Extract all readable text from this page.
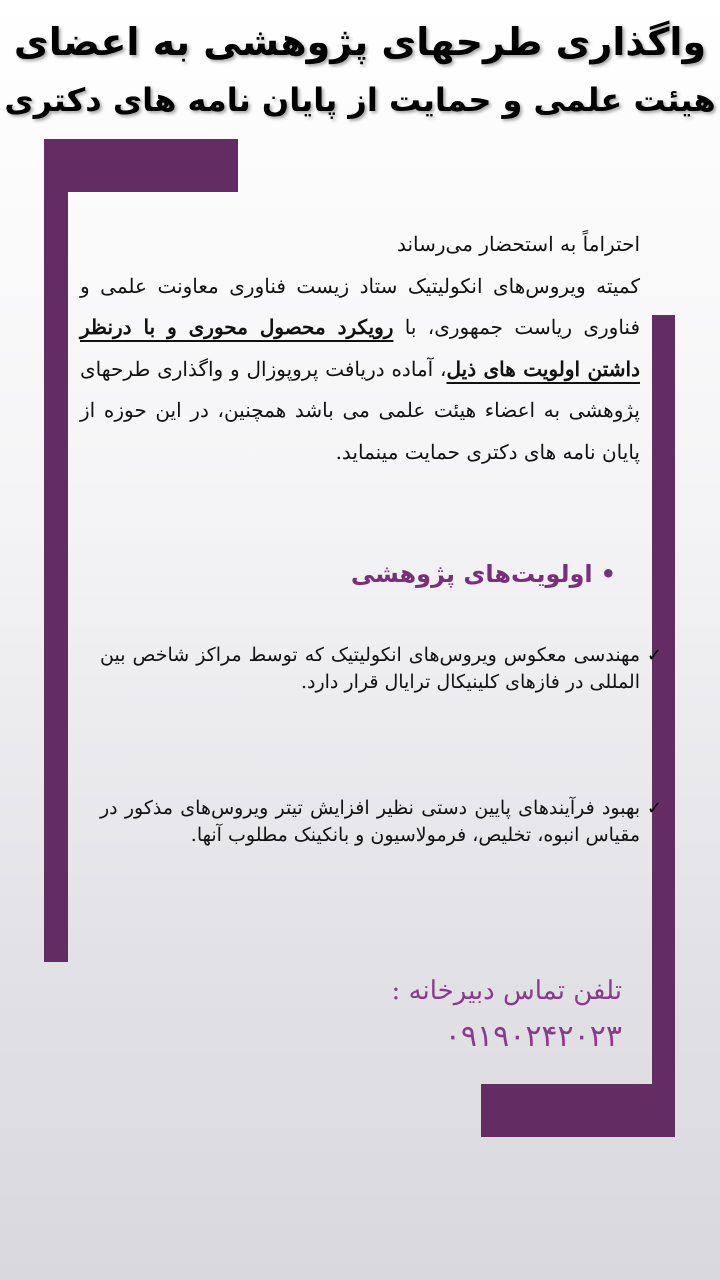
واگذاری طرحهای پژوهشی به اعضای
هیئت علمی و حمایت از پایان نامه های دکتری

احتراماً به استحضار می‌رساند
کمیته ویروس‌های انکولیتیک ستاد زیست فناوری معاونت علمی و فناوری ریاست جمهوری، با رویکرد محصول محوری و با درنظر داشتن اولویت های ذیل، آماده دریافت پروپوزال و واگذاری طرحهای پژوهشی به اعضاء هیئت علمی می باشد همچنین، در این حوزه از پایان نامه های دکتری حمایت مینماید.

•اولویت‌های پژوهشی
✓
مهندسی معکوس ویروس‌های انکولیتیک که توسط مراکز شاخص بین المللی در فازهای کلینیکال ترایال قرار دارد.
✓
بهبود فرآیندهای پایین دستی نظیر افزایش تیتر ویروس‌های مذکور در مقیاس انبوه، تخلیص، فرمولاسیون و بانکینک مطلوب آنها.
تلفن تماس دبیرخانه :
۰۹۱۹۰۲۴۲۰۲۳
